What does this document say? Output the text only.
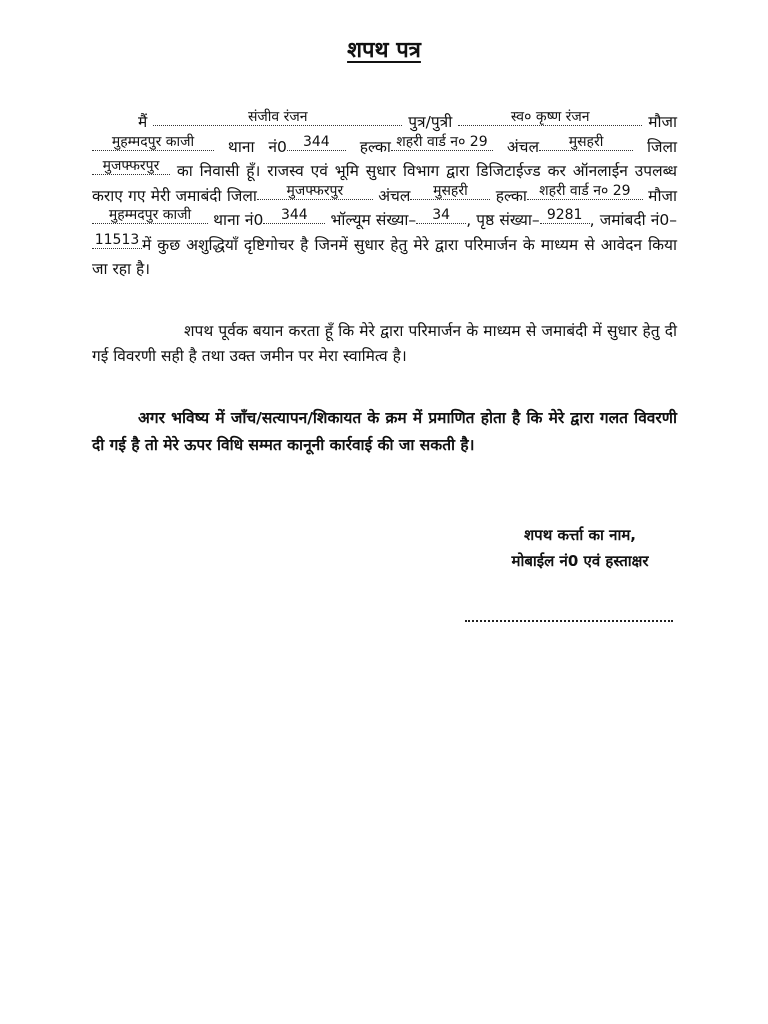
शपथ पत्र
मैं	संजीव रंजन	पुत्र/पुत्री	स्व० कृष्ण रंजन	मौजामुहम्मदपुर काजी थाना नं0 344 हल्का शहरी वार्ड न० 29 अंचल मुसहरी	जिलामुजफ्फरपुर का निवासी हूँ। राजस्व एवं भूमि सुधार विभाग द्वारा डिजिटाईज्ड कर ऑनलाईन उपलब्ध कराए गए मेरी जमाबंदी जिला मुजफ्फरपुर अंचल मुसहरी हल्का शहरी वार्ड न० 29 मौजामुहम्मदपुर काजी थाना नं0 344 भॉल्यूम संख्या– 34 , पृष्ठ संख्या– 9281 , जमांबदी नं0–11513 में कुछ अशुद्धियाँ दृष्टिगोचर है जिनमें सुधार हेतु मेरे द्वारा परिमार्जन के माध्यम से आवेदन किया जा रहा है।
शपथ पूर्वक बयान करता हूँ कि मेरे द्वारा परिमार्जन के माध्यम से जमाबंदी में सुधार हेतु दी गई विवरणी सही है तथा उक्त जमीन पर मेरा स्वामित्व है।
अगर भविष्य में जाँच/सत्यापन/शिकायत के क्रम में प्रमाणित होता है कि मेरे द्वारा गलत विवरणी दी गई है तो मेरे ऊपर विधि सम्मत कानूनी कार्रवाई की जा सकती है।
शपथ कर्त्ता का नाम,
मोबाईल नं0 एवं हस्ताक्षर
